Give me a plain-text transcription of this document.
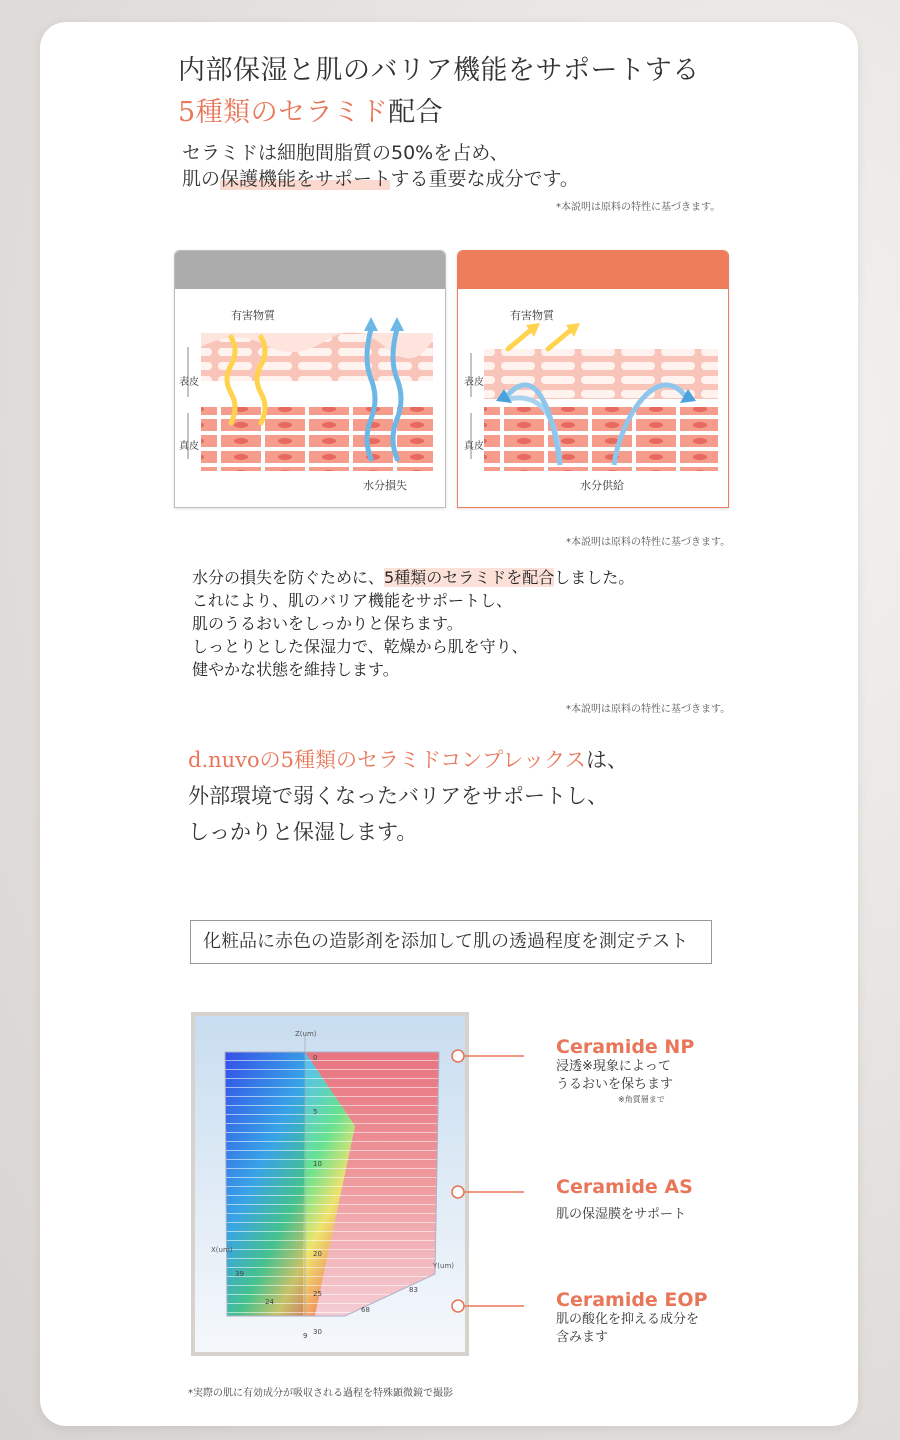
内部保湿と肌のバリア機能をサポートする
5種類のセラミド配合
セラミドは細胞間脂質の50%を占め、
肌の保護機能をサポートする重要な成分です。
*本説明は原料の特性に基づきます。
有害物質
表皮
真皮
水分損失
有害物質
表皮
真皮
水分供給
*本説明は原料の特性に基づきます。
水分の損失を防ぐために、5種類のセラミドを配合しました。
これにより、肌のバリア機能をサポートし、
肌のうるおいをしっかりと保ちます。
しっとりとした保湿力で、乾燥から肌を守り、
健やかな状態を維持します。
*本説明は原料の特性に基づきます。
d.nuvoの5種類のセラミドコンプレックスは、
外部環境で弱くなったバリアをサポートし、
しっかりと保湿します。
化粧品に赤色の造影剤を添加して肌の透過程度を測定テスト
Z(um)
0
5
10
20
25
30
X(um)
39
24
9
Y(um)
68
83
Ceramide NP
浸透※現象によって
うるおいを保ちます
※角質層まで
Ceramide AS
肌の保湿膜をサポート
Ceramide EOP
肌の酸化を抑える成分を
含みます
*実際の肌に有効成分が吸収される過程を特殊顕微鏡で撮影
